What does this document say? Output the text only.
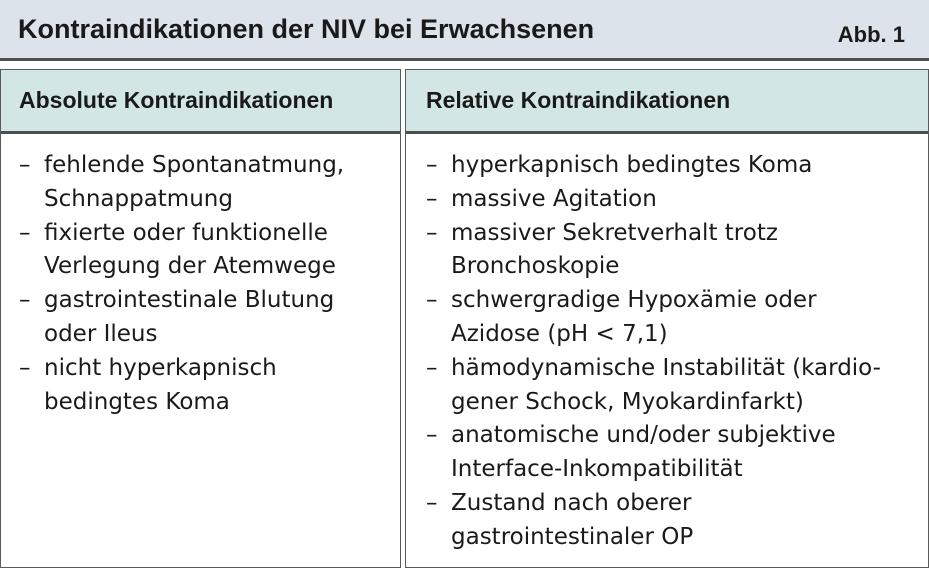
Kontraindikationen der NIV bei Erwachsenen	Abb. 1
Absolute Kontraindikationen
– fehlende Spontanatmung,
Schnappatmung
– fixierte oder funktionelle
Verlegung der Atemwege
– gastrointestinale Blutung
oder Ileus
– nicht hyperkapnisch
bedingtes Koma
Relative Kontraindikationen
– hyperkapnisch bedingtes Koma
– massive Agitation
– massiver Sekretverhalt trotz
Bronchoskopie
– schwergradige Hypoxämie oder
Azidose (pH < 7,1)
– hämodynamische Instabilität (kardio-
gener Schock, Myokardinfarkt)
– anatomische und/oder subjektive
Interface-Inkompatibilität
– Zustand nach oberer
gastrointestinaler OP
